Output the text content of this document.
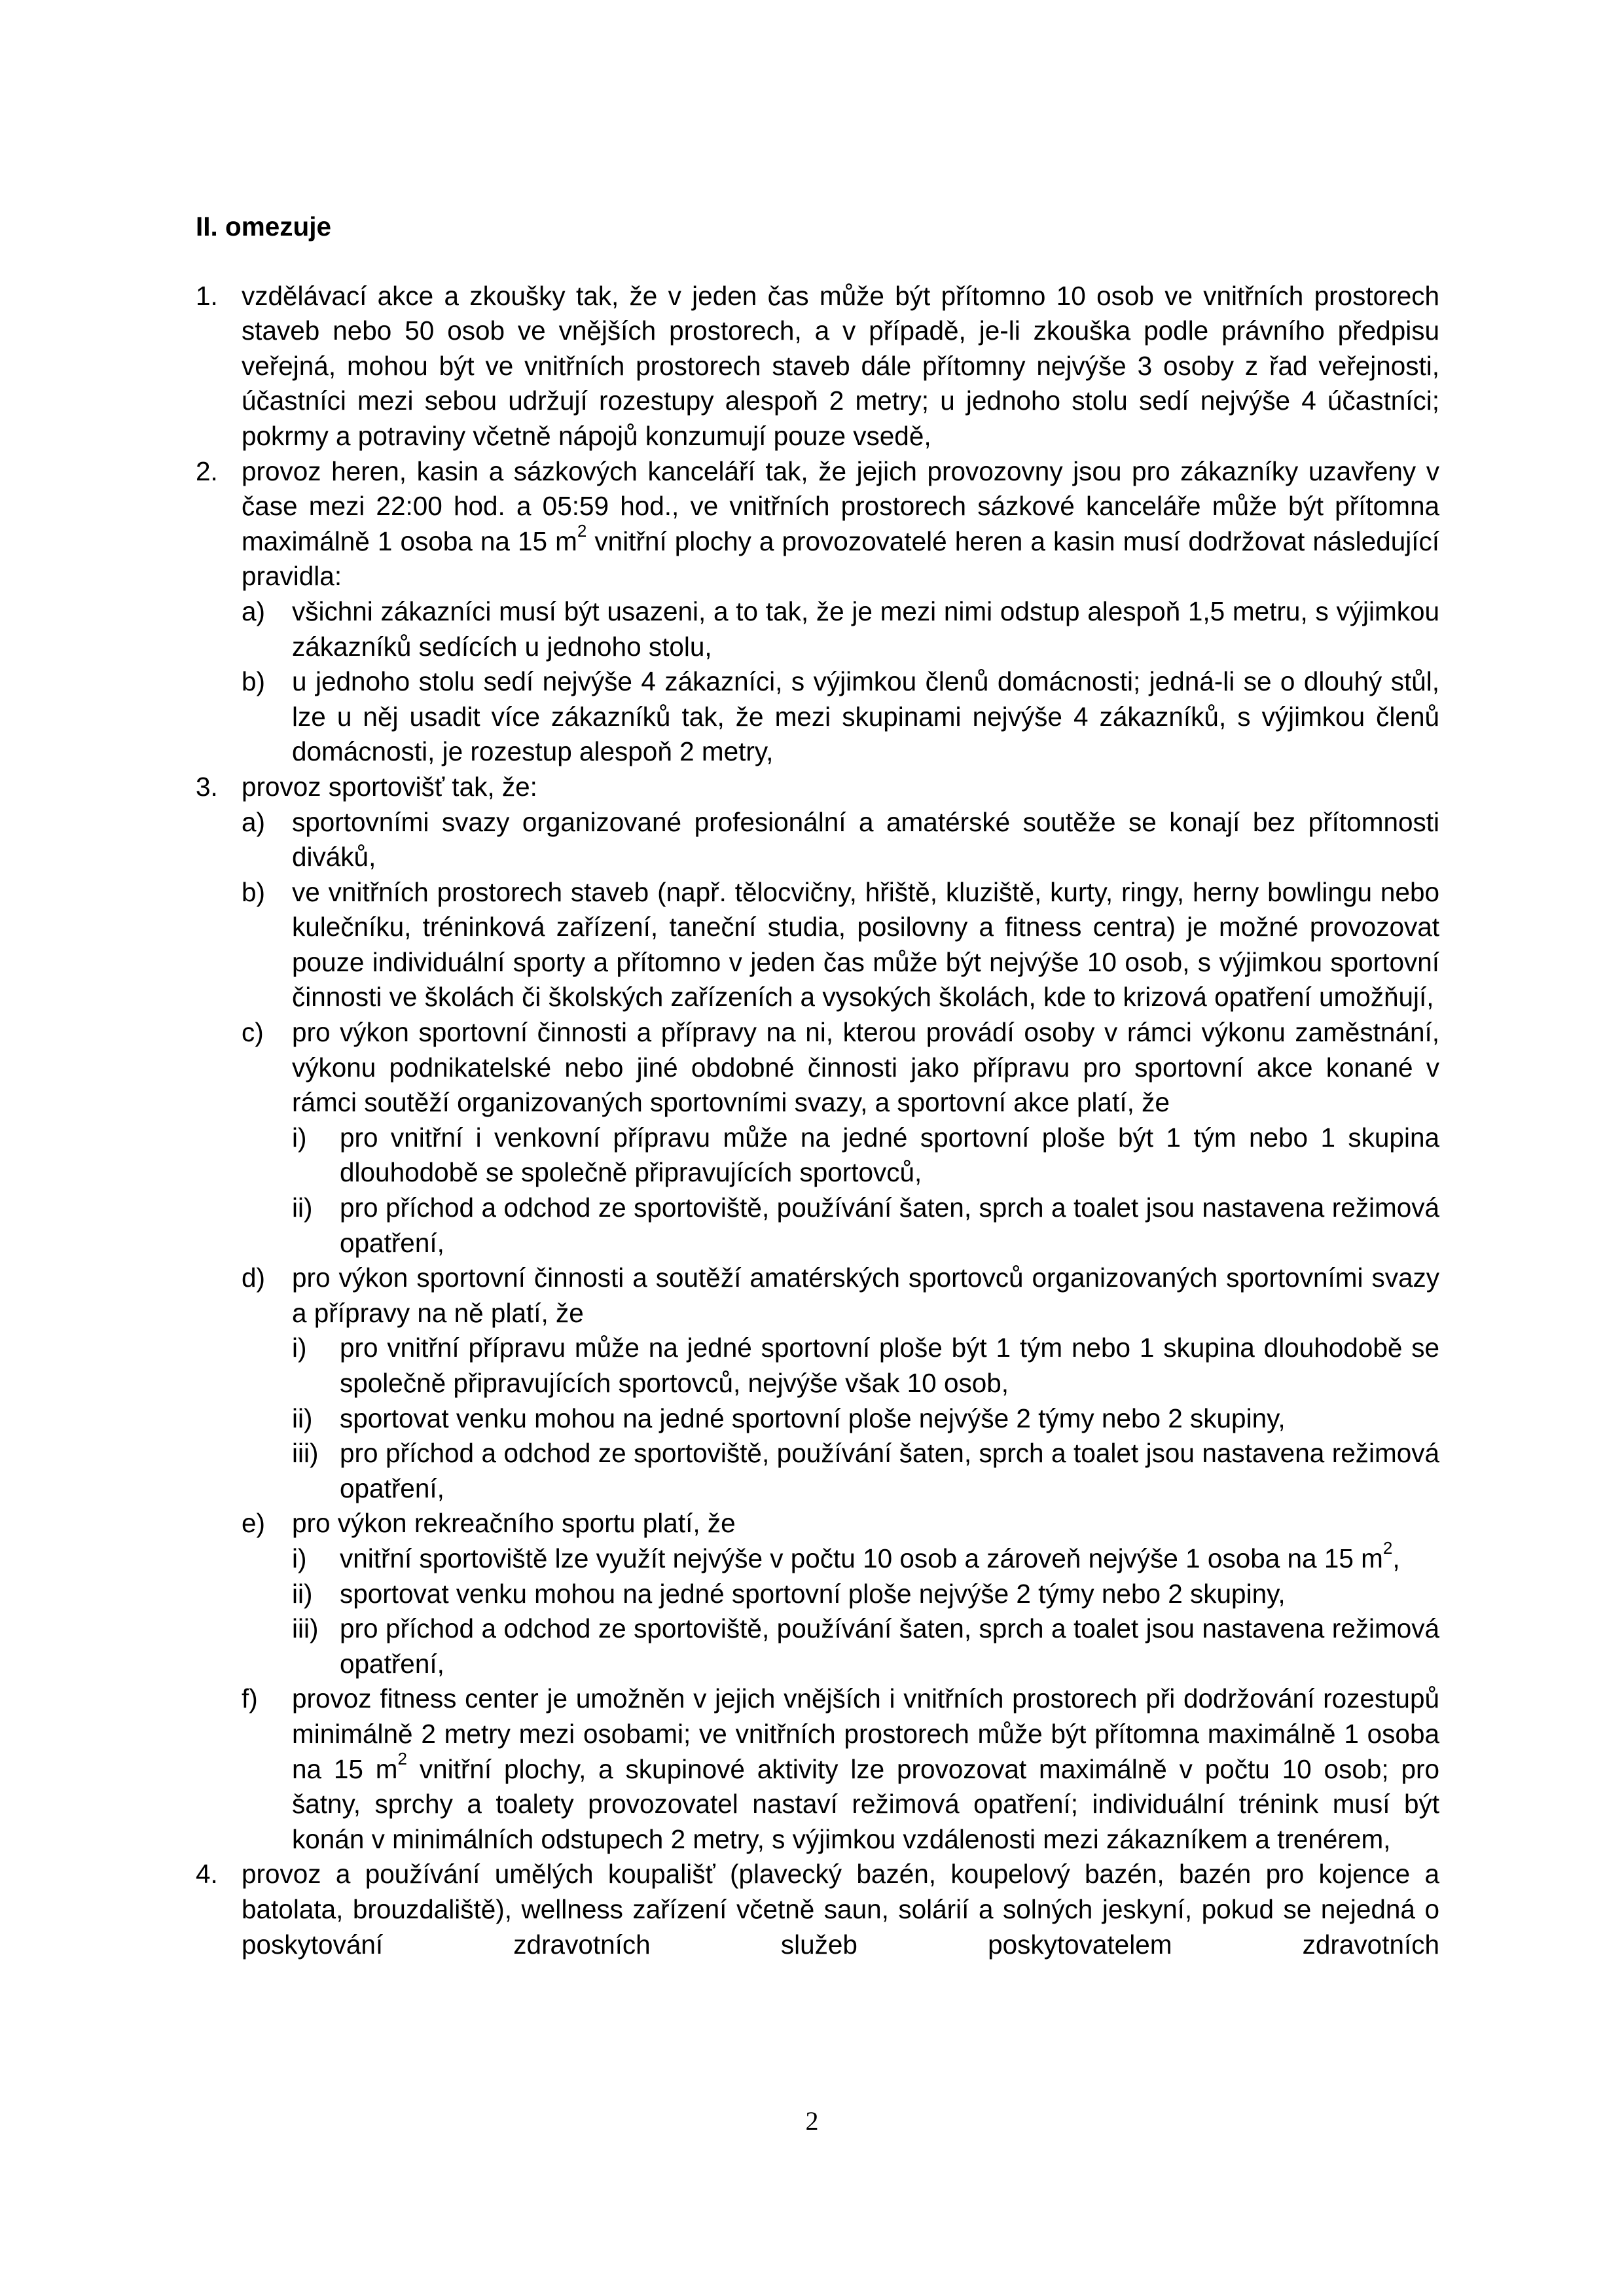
II. omezuje
1. vzdělávací akce a zkoušky tak, že v jeden čas může být přítomno 10 osob ve vnitřních prostorech staveb nebo 50 osob ve vnějších prostorech, a v případě, je-li zkouška podle právního předpisu veřejná, mohou být ve vnitřních prostorech staveb dále přítomny nejvýše 3 osoby z řad veřejnosti, účastníci mezi sebou udržují rozestupy alespoň 2 metry; u jednoho stolu sedí nejvýše 4 účastníci; pokrmy a potraviny včetně nápojů konzumují pouze vsedě,
2. provoz heren, kasin a sázkových kanceláří tak, že jejich provozovny jsou pro zákazníky uzavřeny v čase mezi 22:00 hod. a 05:59 hod., ve vnitřních prostorech sázkové kanceláře může být přítomna maximálně 1 osoba na 15 $m^2$ vnitřní plochy a provozovatelé heren a kasin musí dodržovat následující pravidla:
a) všichni zákazníci musí být usazeni, a to tak, že je mezi nimi odstup alespoň 1,5 metru, s výjimkou zákazníků sedících u jednoho stolu,
b) u jednoho stolu sedí nejvýše 4 zákazníci, s výjimkou členů domácnosti; jedná-li se o dlouhý stůl, lze u něj usadit více zákazníků tak, že mezi skupinami nejvýše 4 zákazníků, s výjimkou členů domácnosti, je rozestup alespoň 2 metry,
3. provoz sportovišť tak, že:
a) sportovními svazy organizované profesionální a amatérské soutěže se konají bez přítomnosti diváků,
b) ve vnitřních prostorech staveb (např. tělocvičny, hřiště, kluziště, kurty, ringy, herny bowlingu nebo kulečníku, tréninková zařízení, taneční studia, posilovny a fitness centra) je možné provozovat pouze individuální sporty a přítomno v jeden čas může být nejvýše 10 osob, s výjimkou sportovní činnosti ve školách či školských zařízeních a vysokých školách, kde to krizová opatření umožňují,
c) pro výkon sportovní činnosti a přípravy na ni, kterou provádí osoby v rámci výkonu zaměstnání, výkonu podnikatelské nebo jiné obdobné činnosti jako přípravu pro sportovní akce konané v rámci soutěží organizovaných sportovními svazy, a sportovní akce platí, že
i) pro vnitřní i venkovní přípravu může na jedné sportovní ploše být 1 tým nebo 1 skupina dlouhodobě se společně připravujících sportovců,
ii) pro příchod a odchod ze sportoviště, používání šaten, sprch a toalet jsou nastavena režimová opatření,
d) pro výkon sportovní činnosti a soutěží amatérských sportovců organizovaných sportovními svazy a přípravy na ně platí, že
i) pro vnitřní přípravu může na jedné sportovní ploše být 1 tým nebo 1 skupina dlouhodobě se společně připravujících sportovců, nejvýše však 10 osob,
ii) sportovat venku mohou na jedné sportovní ploše nejvýše 2 týmy nebo 2 skupiny,
iii) pro příchod a odchod ze sportoviště, používání šaten, sprch a toalet jsou nastavena režimová opatření,
e) pro výkon rekreačního sportu platí, že
i) vnitřní sportoviště lze využít nejvýše v počtu 10 osob a zároveň nejvýše 1 osoba na 15 $m^2$,
ii) sportovat venku mohou na jedné sportovní ploše nejvýše 2 týmy nebo 2 skupiny,
iii) pro příchod a odchod ze sportoviště, používání šaten, sprch a toalet jsou nastavena režimová opatření,
f) provoz fitness center je umožněn v jejich vnějších i vnitřních prostorech při dodržování rozestupů minimálně 2 metry mezi osobami; ve vnitřních prostorech může být přítomna maximálně 1 osoba na 15 $m^2$ vnitřní plochy, a skupinové aktivity lze provozovat maximálně v počtu 10 osob; pro šatny, sprchy a toalety provozovatel nastaví režimová opatření; individuální trénink musí být konán v minimálních odstupech 2 metry, s výjimkou vzdálenosti mezi zákazníkem a trenérem,
4. provoz a používání umělých koupališť (plavecký bazén, koupelový bazén, bazén pro kojence a batolata, brouzdaliště), wellness zařízení včetně saun, solárií a solných jeskyní, pokud se nejedná o poskytování zdravotních služeb poskytovatelem zdravotních
2
